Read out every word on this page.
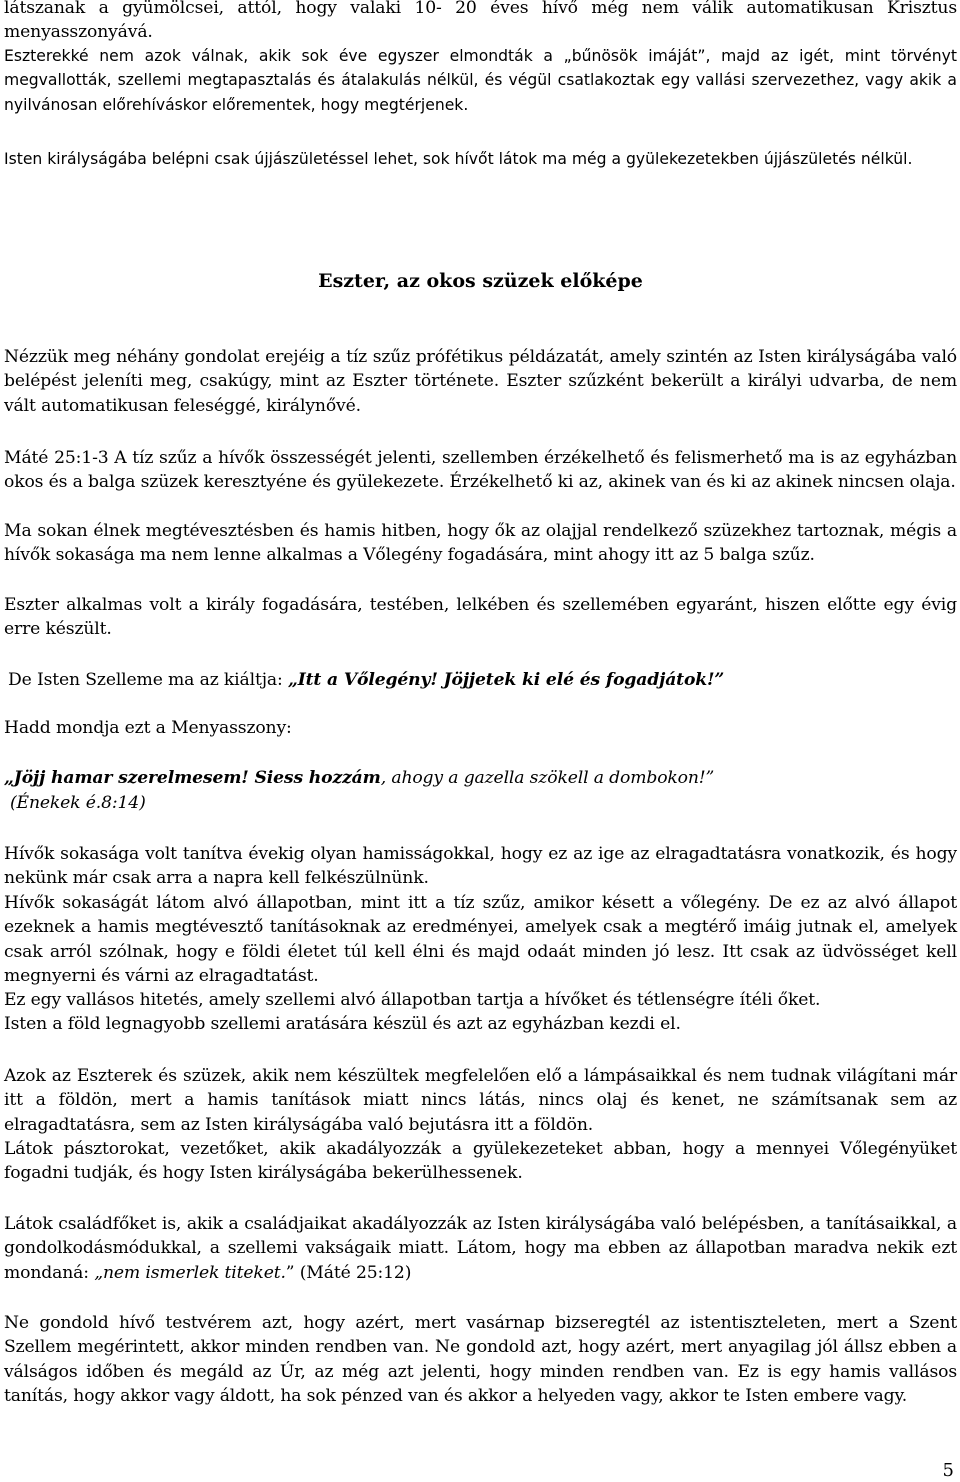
látszanak a gyümölcsei, attól, hogy valaki 10- 20 éves hívő még nem válik automatikusan Krisztus menyasszonyává.

Eszterekké nem azok válnak, akik sok éve egyszer elmondták a „bűnösök imáját”, majd az igét, mint törvényt megvallották, szellemi megtapasztalás és átalakulás nélkül, és végül csatlakoztak egy vallási szervezethez, vagy akik a nyilvánosan előrehíváskor előrementek, hogy megtérjenek.

Isten királyságába belépni csak újjászületéssel lehet, sok hívőt látok ma még a gyülekezetekben újjászületés nélkül.

Eszter, az okos szüzek előképe

Nézzük meg néhány gondolat erejéig a tíz szűz prófétikus példázatát, amely szintén az Isten királyságába való belépést jeleníti meg, csakúgy, mint az Eszter története. Eszter szűzként bekerült a királyi udvarba, de nem vált automatikusan feleséggé, királynővé.

Máté 25:1-3 A tíz szűz a hívők összességét jelenti, szellemben érzékelhető és felismerhető ma is az egyházban okos és a balga szüzek keresztyéne és gyülekezete. Érzékelhető ki az, akinek van és ki az akinek nincsen olaja.

Ma sokan élnek megtévesztésben és hamis hitben, hogy ők az olajjal rendelkező szüzekhez tartoznak, mégis a hívők sokasága ma nem lenne alkalmas a Vőlegény fogadására, mint ahogy itt az 5 balga szűz.

Eszter alkalmas volt a király fogadására, testében, lelkében és szellemében egyaránt, hiszen előtte egy évig erre készült.

De Isten Szelleme ma az kiáltja: „Itt a Vőlegény! Jöjjetek ki elé és fogadjátok!”

Hadd mondja ezt a Menyasszony:

„Jöjj hamar szerelmesem! Siess hozzám, ahogy a gazella szökell a dombokon!”

(Énekek é.8:14)

Hívők sokasága volt tanítva évekig olyan hamisságokkal, hogy ez az ige az elragadtatásra vonatkozik, és hogy nekünk már csak arra a napra kell felkészülnünk.

Hívők sokaságát látom alvó állapotban, mint itt a tíz szűz, amikor késett a vőlegény. De ez az alvó állapot ezeknek a hamis megtévesztő tanításoknak az eredményei, amelyek csak a megtérő imáig jutnak el, amelyek csak arról szólnak, hogy e földi életet túl kell élni és majd odaát minden jó lesz. Itt csak az üdvösséget kell megnyerni és várni az elragadtatást.

Ez egy vallásos hitetés, amely szellemi alvó állapotban tartja a hívőket és tétlenségre ítéli őket.

Isten a föld legnagyobb szellemi aratására készül és azt az egyházban kezdi el.

Azok az Eszterek és szüzek, akik nem készültek megfelelően elő a lámpásaikkal és nem tudnak világítani már itt a földön, mert a hamis tanítások miatt nincs látás, nincs olaj és kenet, ne számítsanak sem az elragadtatásra, sem az Isten királyságába való bejutásra itt a földön.

Látok pásztorokat, vezetőket, akik akadályozzák a gyülekezeteket abban, hogy a mennyei Vőlegényüket fogadni tudják, és hogy Isten királyságába bekerülhessenek.

Látok családfőket is, akik a családjaikat akadályozzák az Isten királyságába való belépésben, a tanításaikkal, a gondolkodásmódukkal, a szellemi vakságaik miatt. Látom, hogy ma ebben az állapotban maradva nekik ezt mondaná: „nem ismerlek titeket.” (Máté 25:12)

Ne gondold hívő testvérem azt, hogy azért, mert vasárnap bizseregtél az istentiszteleten, mert a Szent Szellem megérintett, akkor minden rendben van. Ne gondold azt, hogy azért, mert anyagilag jól állsz ebben a válságos időben és megáld az Úr, az még azt jelenti, hogy minden rendben van. Ez is egy hamis vallásos tanítás, hogy akkor vagy áldott, ha sok pénzed van és akkor a helyeden vagy, akkor te Isten embere vagy.

5
